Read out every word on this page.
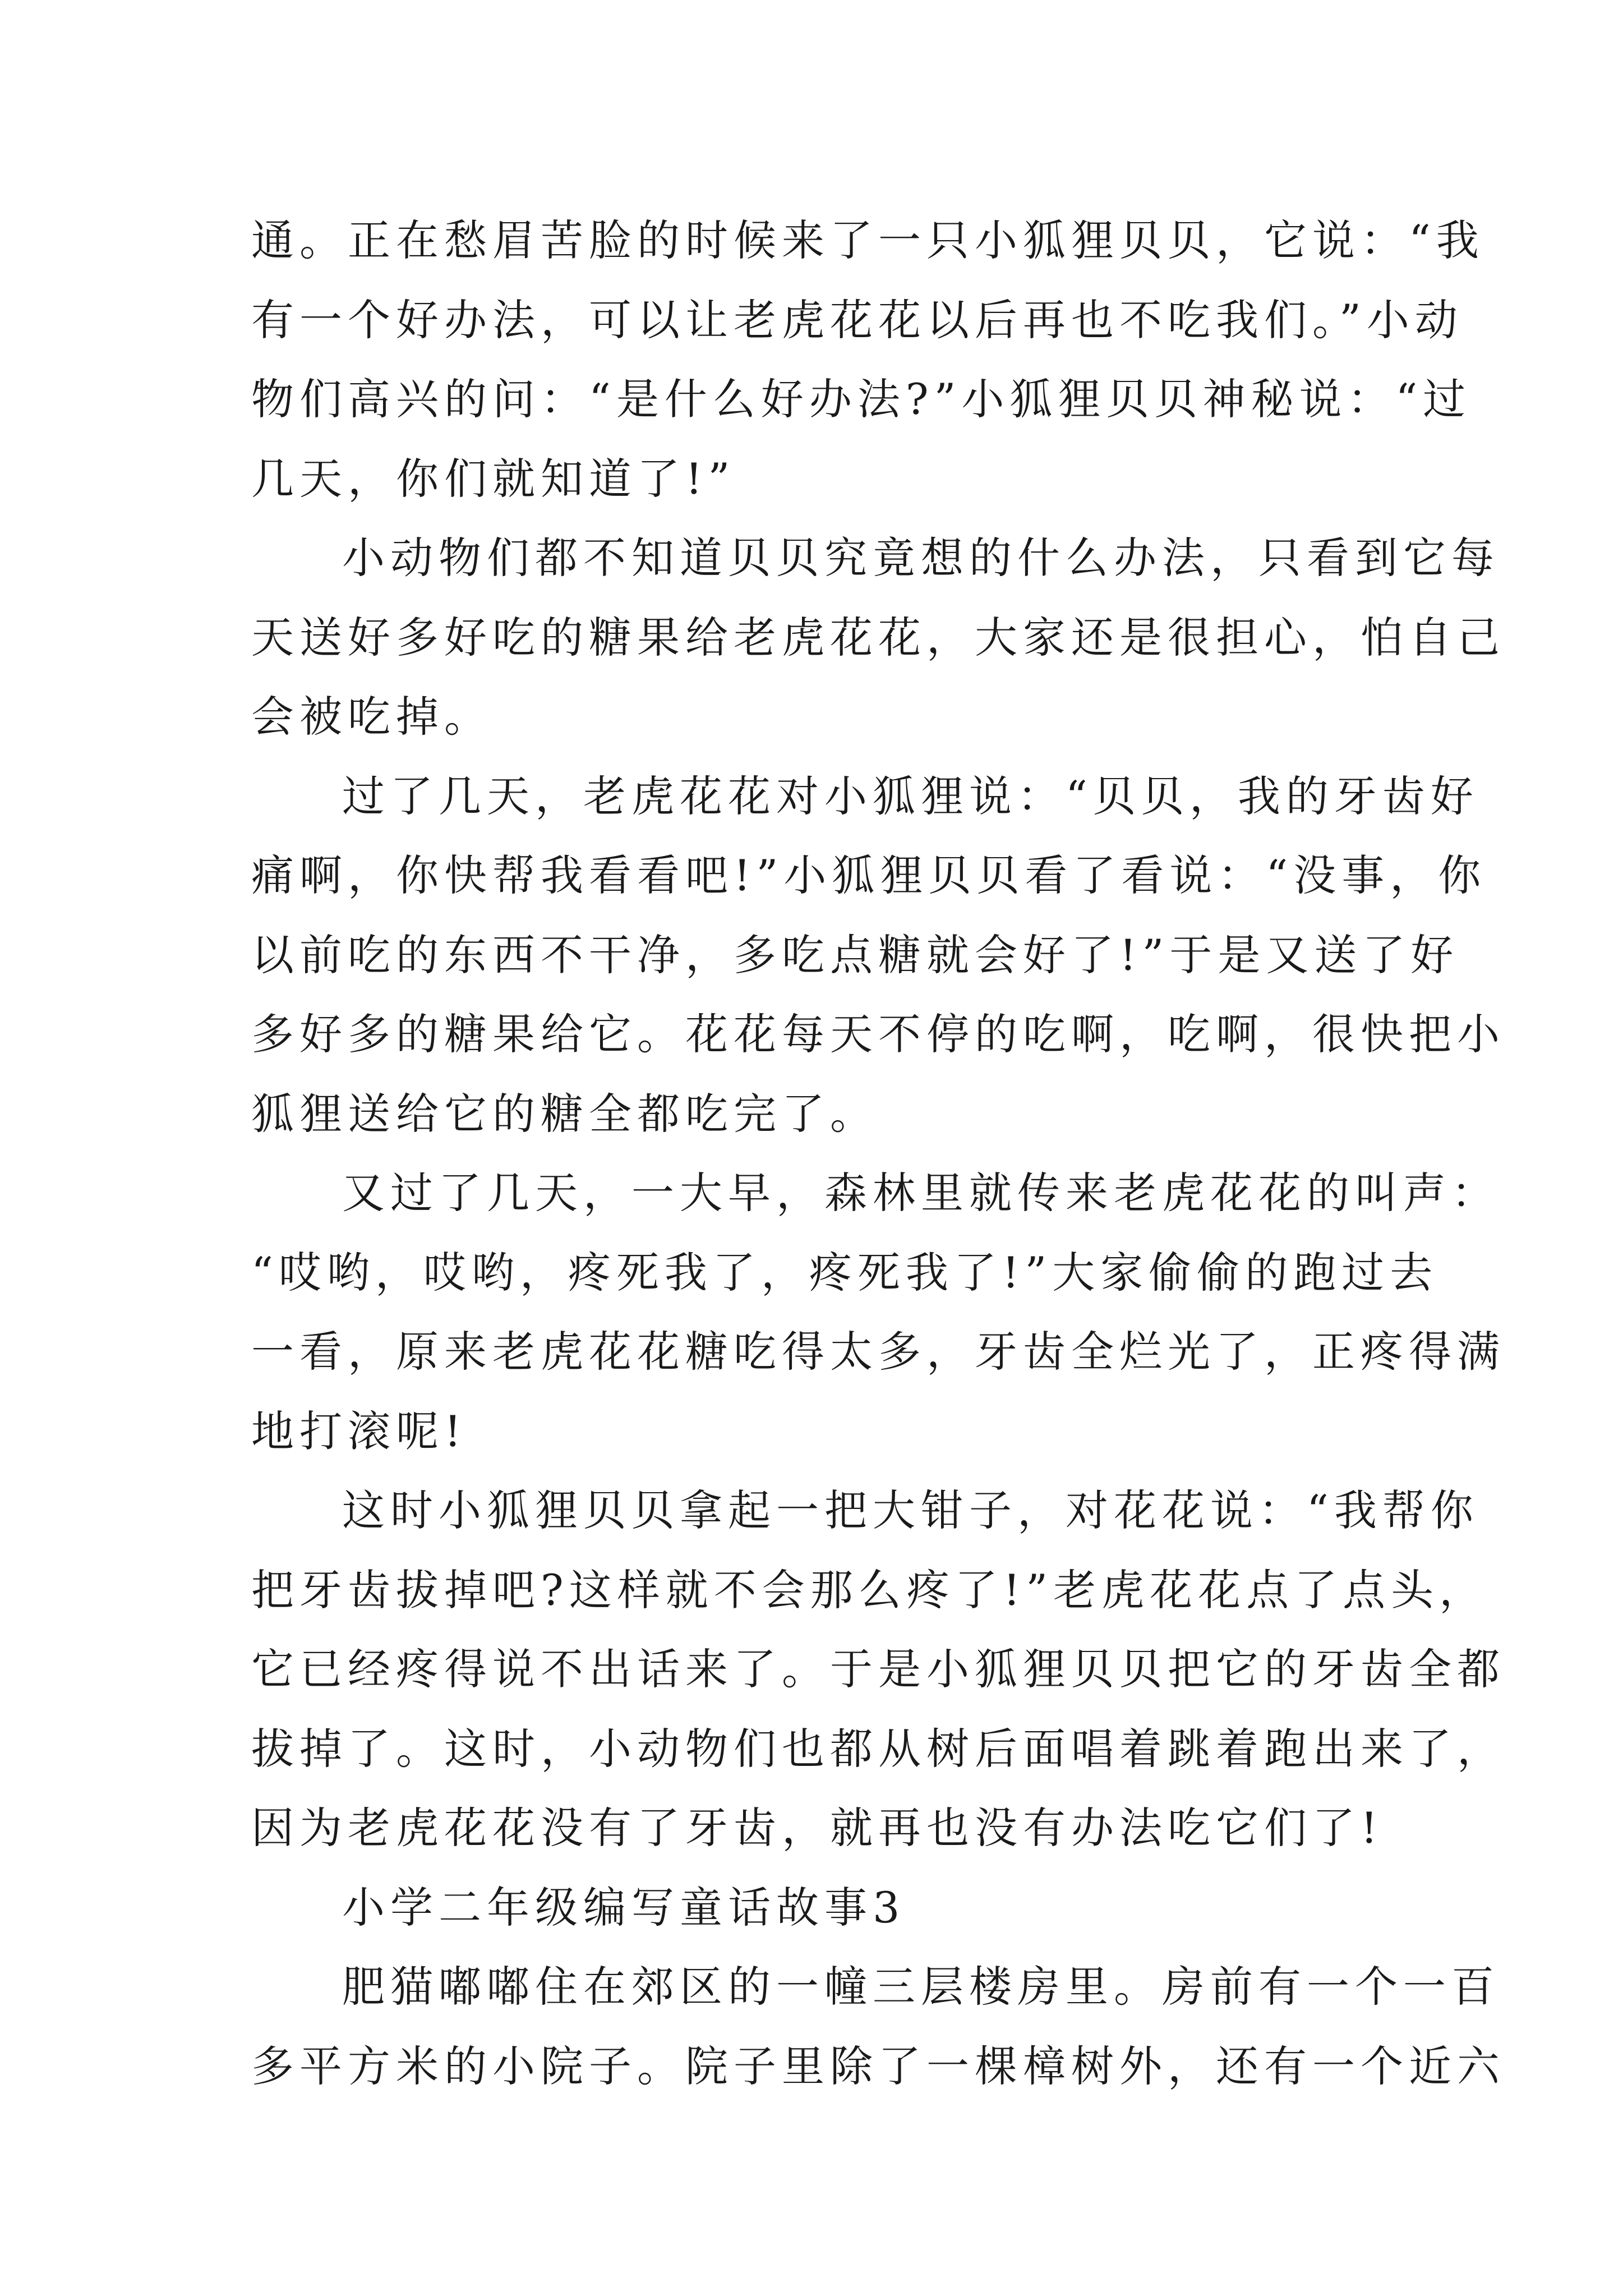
通。正在愁眉苦脸的时候来了一只小狐狸贝贝，它说：“我
有一个好办法，可以让老虎花花以后再也不吃我们。”小动
物们高兴的问：“是什么好办法?”小狐狸贝贝神秘说：“过
几天，你们就知道了!”
小动物们都不知道贝贝究竟想的什么办法，只看到它每
天送好多好吃的糖果给老虎花花，大家还是很担心，怕自己
会被吃掉。
过了几天，老虎花花对小狐狸说：“贝贝，我的牙齿好
痛啊，你快帮我看看吧!”小狐狸贝贝看了看说：“没事，你
以前吃的东西不干净，多吃点糖就会好了!”于是又送了好
多好多的糖果给它。花花每天不停的吃啊，吃啊，很快把小
狐狸送给它的糖全都吃完了。
又过了几天，一大早，森林里就传来老虎花花的叫声：
“哎哟，哎哟，疼死我了，疼死我了!”大家偷偷的跑过去
一看，原来老虎花花糖吃得太多，牙齿全烂光了，正疼得满
地打滚呢!
这时小狐狸贝贝拿起一把大钳子，对花花说：“我帮你
把牙齿拔掉吧?这样就不会那么疼了!”老虎花花点了点头，
它已经疼得说不出话来了。于是小狐狸贝贝把它的牙齿全都
拔掉了。这时，小动物们也都从树后面唱着跳着跑出来了，
因为老虎花花没有了牙齿，就再也没有办法吃它们了!
小学二年级编写童话故事3
肥猫嘟嘟住在郊区的一幢三层楼房里。房前有一个一百
多平方米的小院子。院子里除了一棵樟树外，还有一个近六
